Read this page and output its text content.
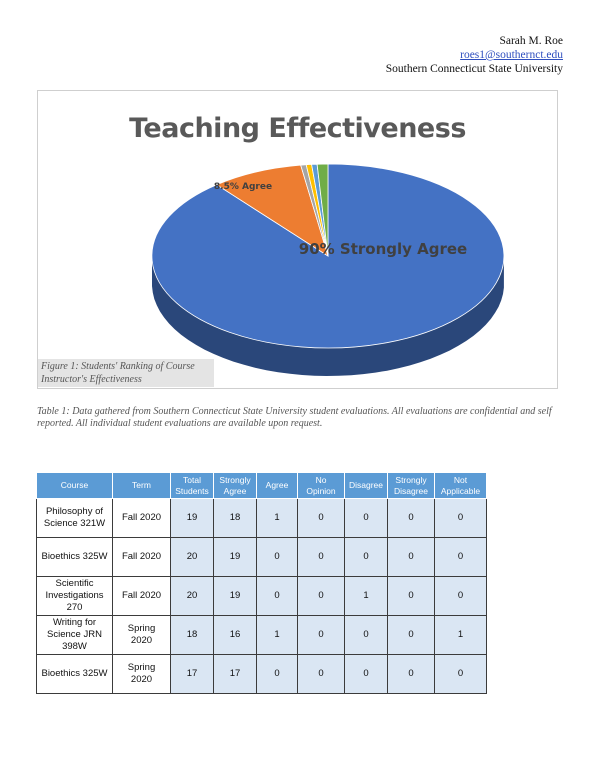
Sarah M. Roe
roes1@southernct.edu
Southern Connecticut State University
90% Strongly Agree
8.5% Agree
Teaching Effectiveness
Figure 1: Students' Ranking of Course Instructor's Effectiveness
Table 1: Data gathered from Southern Connecticut State University student evaluations. All evaluations are confidential and self reported. All individual student evaluations are available upon request.
Course	Term	Total Students	Strongly Agree	Agree	No Opinion	Disagree	Strongly Disagree	Not Applicable
Philosophy of Science 321W	Fall 2020	19	18	1	0	0	0	0
Bioethics 325W	Fall 2020	20	19	0	0	0	0	0
Scientific Investigations 270	Fall 2020	20	19	0	0	1	0	0
Writing for Science JRN 398W	Spring 2020	18	16	1	0	0	0	1
Bioethics 325W	Spring 2020	17	17	0	0	0	0	0
